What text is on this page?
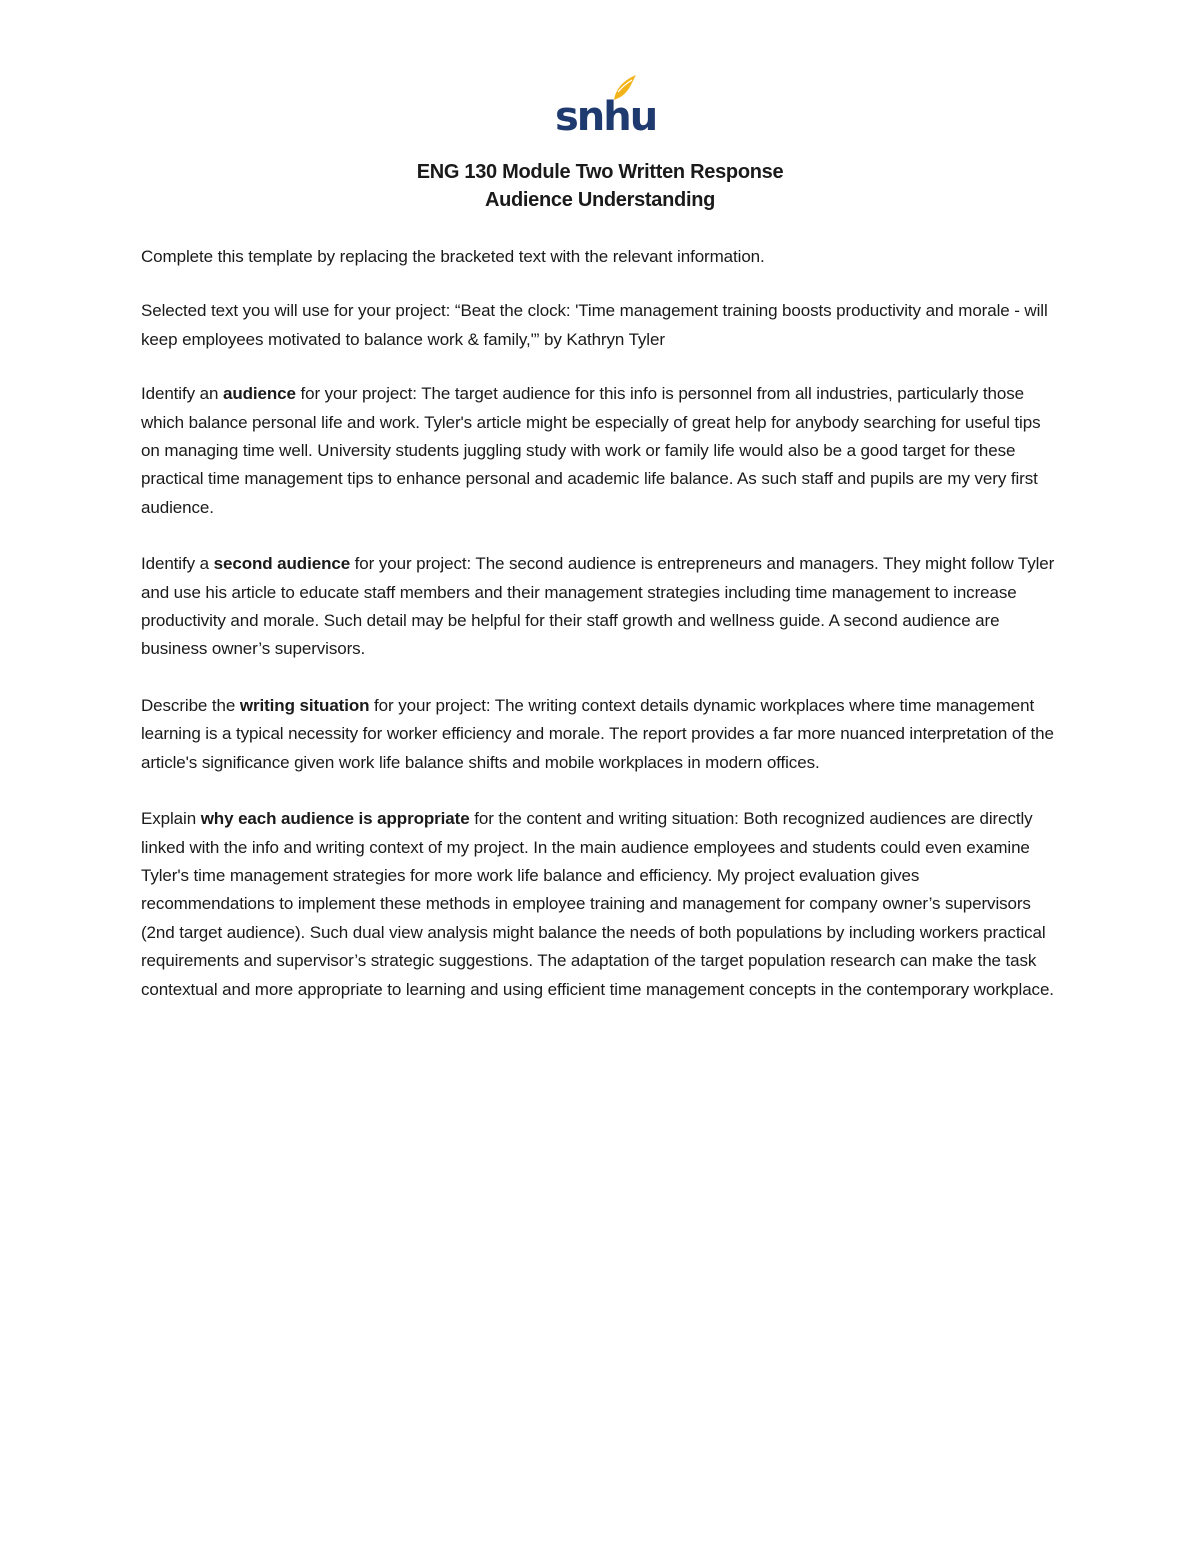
snhu
ENG 130 Module Two Written Response
Audience Understanding

Complete this template by replacing the bracketed text with the relevant information.

Selected text you will use for your project: “Beat the clock: 'Time management training boosts productivity and morale - will keep employees motivated to balance work & family,'” by Kathryn Tyler

Identify an audience for your project: The target audience for this info is personnel from all industries, particularly those which balance personal life and work. Tyler's article might be especially of great help for anybody searching for useful tips on managing time well. University students juggling study with work or family life would also be a good target for these practical time management tips to enhance personal and academic life balance. As such staff and pupils are my very first audience.

Identify a second audience for your project: The second audience is entrepreneurs and managers. They might follow Tyler and use his article to educate staff members and their management strategies including time management to increase productivity and morale. Such detail may be helpful for their staff growth and wellness guide. A second audience are business owner’s supervisors.

Describe the writing situation for your project: The writing context details dynamic workplaces where time management learning is a typical necessity for worker efficiency and morale. The report provides a far more nuanced interpretation of the article's significance given work life balance shifts and mobile workplaces in modern offices.

Explain why each audience is appropriate for the content and writing situation: Both recognized audiences are directly linked with the info and writing context of my project. In the main audience employees and students could even examine Tyler's time management strategies for more work life balance and efficiency. My project evaluation gives recommendations to implement these methods in employee training and management for company owner’s supervisors (2nd target audience). Such dual view analysis might balance the needs of both populations by including workers practical requirements and supervisor’s strategic suggestions. The adaptation of the target population research can make the task contextual and more appropriate to learning and using efficient time management concepts in the contemporary workplace.
